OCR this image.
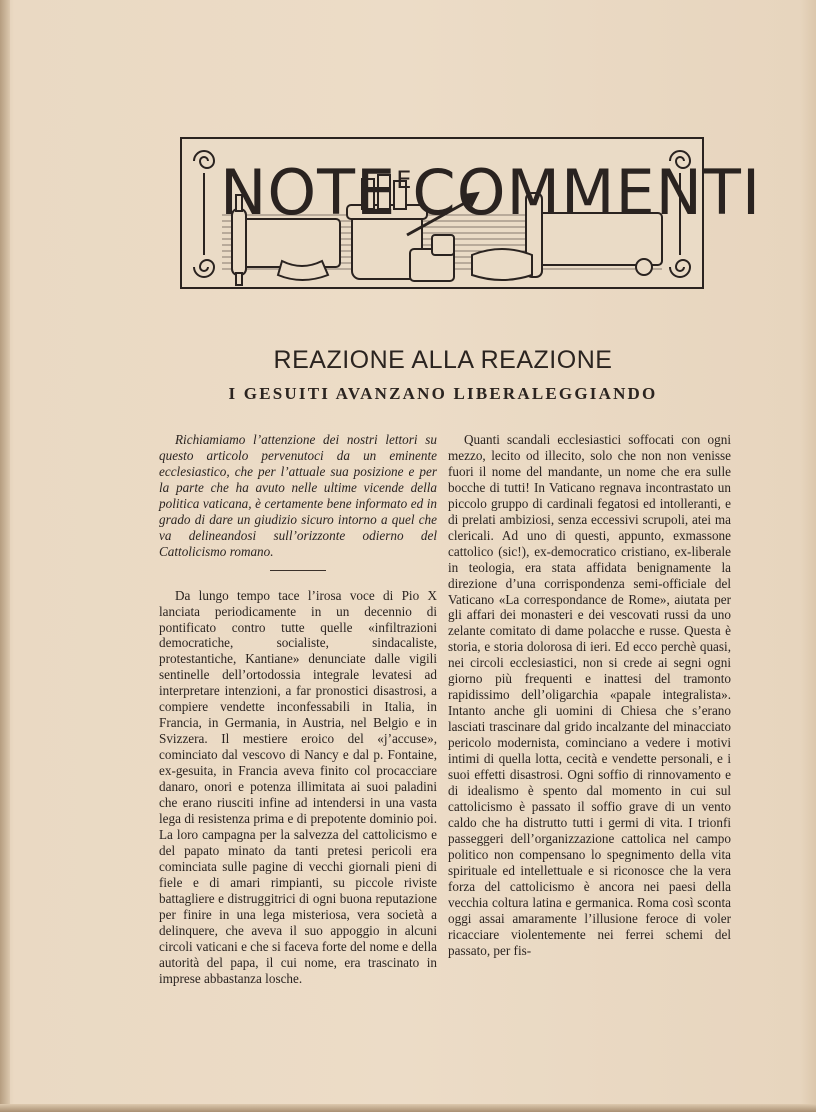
$NOTE^ECOMMENTI$
REAZIONE ALLA REAZIONE
I GESUITI AVANZANO LIBERALEGGIANDO

Richiamiamo l’attenzione dei nostri lettori su questo articolo pervenutoci da un eminente ecclesiastico, che per l’attuale sua posizione e per la parte che ha avuto nelle ultime vicende della politica vaticana, è certamente bene informato ed in grado di dare un giudizio sicuro intorno a quel che va delineandosi sull’orizzonte odierno del Cattolicismo romano.

Da lungo tempo tace l’irosa voce di Pio X lanciata periodicamente in un decennio di pontificato contro tutte quelle «infiltrazioni democratiche, socialiste, sindacaliste, protestantiche, Kantiane» denunciate dalle vigili sentinelle dell’ortodossia integrale levatesi ad interpretare intenzioni, a far pronostici disastrosi, a compiere vendette inconfessabili in Italia, in Francia, in Germania, in Austria, nel Belgio e in Svizzera. Il mestiere eroico del «j’accuse», cominciato dal vescovo di Nancy e dal p. Fontaine, ex-gesuita, in Francia aveva finito col procacciare danaro, onori e potenza illimitata ai suoi paladini che erano riusciti infine ad intendersi in una vasta lega di resistenza prima e di prepotente dominio poi. La loro campagna per la salvezza del cattolicismo e del papato minato da tanti pretesi pericoli era cominciata sulle pagine di vecchi giornali pieni di fiele e di amari rimpianti, su piccole riviste battagliere e distruggitrici di ogni buona reputazione per finire in una lega misteriosa, vera società a delinquere, che aveva il suo appoggio in alcuni circoli vaticani e che si faceva forte del nome e della autorità del papa, il cui nome, era trascinato in imprese abbastanza losche.

Quanti scandali ecclesiastici soffocati con ogni mezzo, lecito od illecito, solo che non non venisse fuori il nome del mandante, un nome che era sulle bocche di tutti! In Vaticano regnava incontrastato un piccolo gruppo di cardinali fegatosi ed intolleranti, e di prelati ambiziosi, senza eccessivi scrupoli, atei ma clericali. Ad uno di questi, appunto, exmassone cattolico (sic!), ex-democratico cristiano, ex-liberale in teologia, era stata affidata benignamente la direzione d’una corrispondenza semi-officiale del Vaticano «La correspondance de Rome», aiutata per gli affari dei monasteri e dei vescovati russi da uno zelante comitato di dame polacche e russe. Questa è storia, e storia dolorosa di ieri. Ed ecco perchè quasi, nei circoli ecclesiastici, non si crede ai segni ogni giorno più frequenti e inattesi del tramonto rapidissimo dell’oligarchia «papale integralista». Intanto anche gli uomini di Chiesa che s’erano lasciati trascinare dal grido incalzante del minacciato pericolo modernista, cominciano a vedere i motivi intimi di quella lotta, cecità e vendette personali, e i suoi effetti disastrosi. Ogni soffio di rinnovamento e di idealismo è spento dal momento in cui sul cattolicismo è passato il soffio grave di un vento caldo che ha distrutto tutti i germi di vita. I trionfi passeggeri dell’organizzazione cattolica nel campo politico non compensano lo spegnimento della vita spirituale ed intellettuale e si riconosce che la vera forza del cattolicismo è ancora nei paesi della vecchia coltura latina e germanica. Roma così sconta oggi assai amaramente l’illusione feroce di voler ricacciare violentemente nei ferrei schemi del passato, per fis-
